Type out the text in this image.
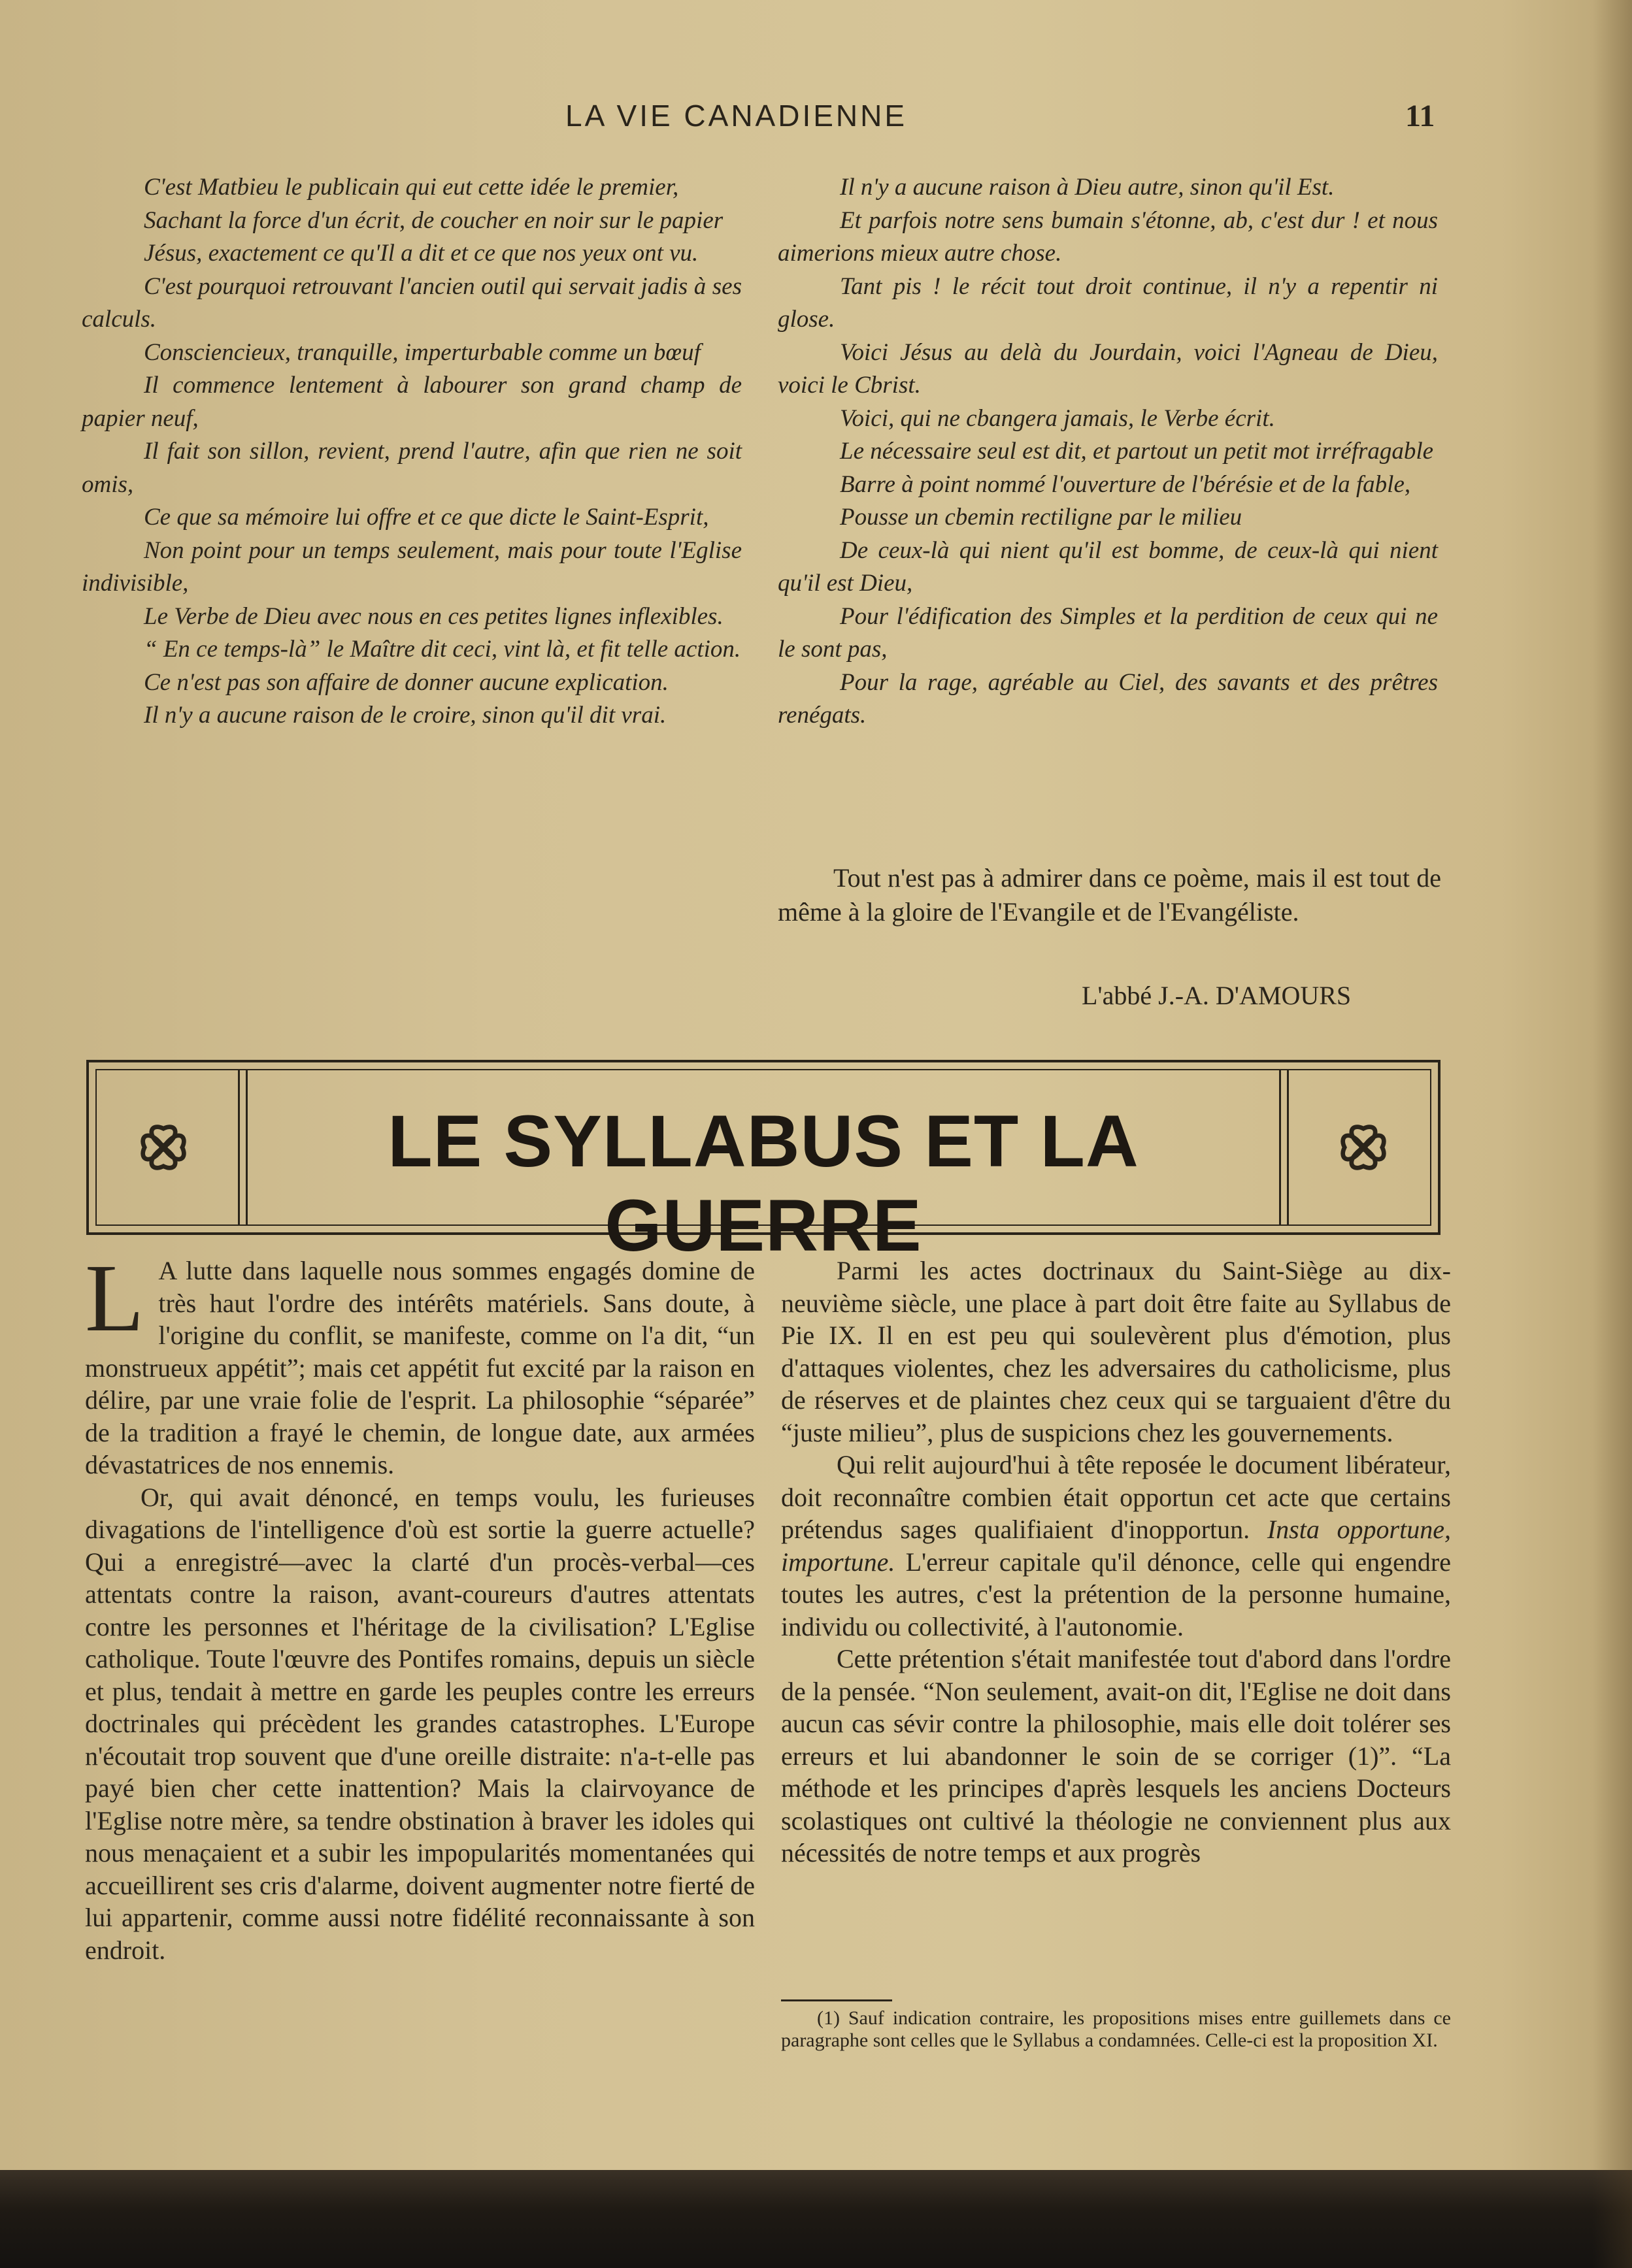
LA VIE CANADIENNE	11

C'est Matbieu le publicain qui eut cette idée le premier,

Sachant la force d'un écrit, de coucher en noir sur le papier

Jésus, exactement ce qu'Il a dit et ce que nos yeux ont vu.

C'est pourquoi retrouvant l'ancien outil qui servait jadis à ses calculs.

Consciencieux, tranquille, imperturbable comme un bœuf

Il commence lentement à labourer son grand champ de papier neuf,

Il fait son sillon, revient, prend l'autre, afin que rien ne soit omis,

Ce que sa mémoire lui offre et ce que dicte le Saint-Esprit,

Non point pour un temps seulement, mais pour toute l'Eglise indivisible,

Le Verbe de Dieu avec nous en ces petites lignes inflexibles.

“ En ce temps-là” le Maître dit ceci, vint là, et fit telle action.

Ce n'est pas son affaire de donner aucune explication.

Il n'y a aucune raison de le croire, sinon qu'il dit vrai.

Il n'y a aucune raison à Dieu autre, sinon qu'il Est.

Et parfois notre sens bumain s'étonne, ab, c'est dur ! et nous aimerions mieux autre chose.

Tant pis ! le récit tout droit continue, il n'y a repentir ni glose.

Voici Jésus au delà du Jourdain, voici l'Agneau de Dieu, voici le Cbrist.

Voici, qui ne cbangera jamais, le Verbe écrit.

Le nécessaire seul est dit, et partout un petit mot irréfragable

Barre à point nommé l'ouverture de l'bérésie et de la fable,

Pousse un cbemin rectiligne par le milieu

De ceux-là qui nient qu'il est bomme, de ceux-là qui nient qu'il est Dieu,

Pour l'édification des Simples et la perdition de ceux qui ne le sont pas,

Pour la rage, agréable au Ciel, des savants et des prêtres renégats.

Tout n'est pas à admirer dans ce poème, mais il est tout de même à la gloire de l'Evangile et de l'Evangéliste.

L'abbé J.-A. D'AMOURS
LE SYLLABUS ET LA GUERRE

L A lutte dans laquelle nous sommes engagés domine de très haut l'ordre des intérêts matériels. Sans doute, à l'origine du conflit, se manifeste, comme on l'a dit, “un monstrueux appétit”; mais cet appétit fut excité par la raison en délire, par une vraie folie de l'esprit. La philosophie “séparée” de la tradition a frayé le chemin, de longue date, aux armées dévastatrices de nos ennemis.

Or, qui avait dénoncé, en temps voulu, les furieuses divagations de l'intelligence d'où est sortie la guerre actuelle? Qui a enregistré—avec la clarté d'un procès-verbal—ces attentats contre la raison, avant-coureurs d'autres attentats contre les personnes et l'héritage de la civilisation? L'Eglise catholique. Toute l'œuvre des Pontifes romains, depuis un siècle et plus, tendait à mettre en garde les peuples contre les erreurs doctrinales qui précèdent les grandes catastrophes. L'Europe n'écoutait trop souvent que d'une oreille distraite: n'a-t-elle pas payé bien cher cette inattention? Mais la clairvoyance de l'Eglise notre mère, sa tendre obstination à braver les idoles qui nous menaçaient et a subir les impopularités momentanées qui accueillirent ses cris d'alarme, doivent augmenter notre fierté de lui appartenir, comme aussi notre fidélité reconnaissante à son endroit.

Parmi les actes doctrinaux du Saint-Siège au dix-neuvième siècle, une place à part doit être faite au Syllabus de Pie IX. Il en est peu qui soulevèrent plus d'émotion, plus d'attaques violentes, chez les adversaires du catholicisme, plus de réserves et de plaintes chez ceux qui se targuaient d'être du “juste milieu”, plus de suspicions chez les gouvernements.

Qui relit aujourd'hui à tête reposée le document libérateur, doit reconnaître combien était opportun cet acte que certains prétendus sages qualifiaient d'inopportun. Insta opportune, importune. L'erreur capitale qu'il dénonce, celle qui engendre toutes les autres, c'est la prétention de la personne humaine, individu ou collectivité, à l'autonomie.

Cette prétention s'était manifestée tout d'abord dans l'ordre de la pensée. “Non seulement, avait-on dit, l'Eglise ne doit dans aucun cas sévir contre la philosophie, mais elle doit tolérer ses erreurs et lui abandonner le soin de se corriger (1)”. “La méthode et les principes d'après lesquels les anciens Docteurs scolastiques ont cultivé la théologie ne conviennent plus aux nécessités de notre temps et aux progrès

(1) Sauf indication contraire, les propositions mises entre guillemets dans ce paragraphe sont celles que le Syllabus a condamnées. Celle-ci est la proposition XI.
